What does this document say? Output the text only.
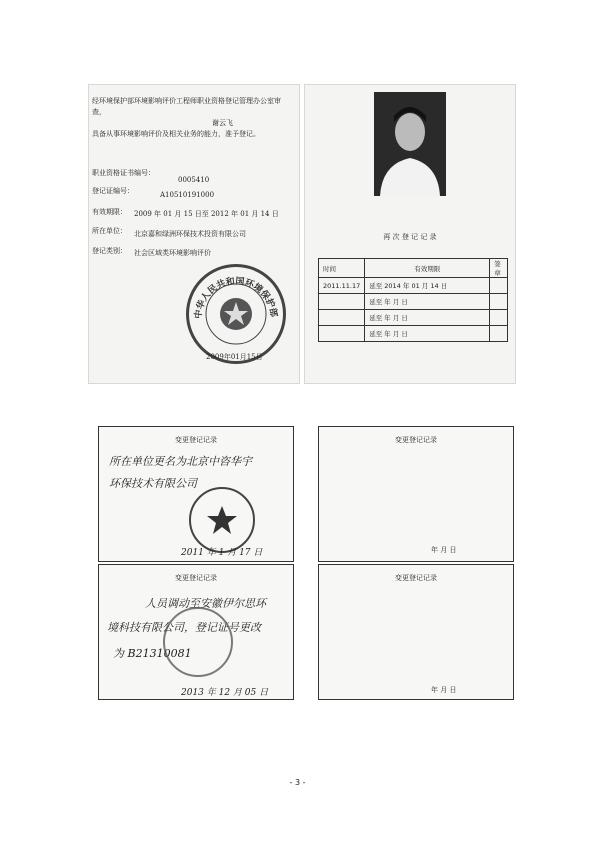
经环境保护部环境影响评价工程师职业资格登记管理办公室审查，
谢云飞
具备从事环境影响评价及相关业务的能力，准予登记。
职业资格证书编号：
0005410
登记证编号：	A10510191000
有效期限： 2009 年 01 月 15 日至 2012 年 01 月 14 日
所在单位： 北京嘉和绿洲环保技术投资有限公司
登记类别： 社会区域类环境影响评价
中华人民共和国环境保护部
2009年01月15日
再 次 登 记 记 录
时间	有效期限	签章
2011.11.17	延至 2014 年 01 月 14 日	
	延至 年 月 日	
	延至 年 月 日	
	延至 年 月 日	
变更登记记录
所在单位更名为北京中咨华宇
环保技术有限公司
2011 年 1 月 17 日
变更登记记录
年 月 日
变更登记记录
人员调动至安徽伊尔思环
境科技有限公司，登记证号更改
为 B21310081
2013 年 12 月 05 日
变更登记记录
年 月 日
- 3 -
